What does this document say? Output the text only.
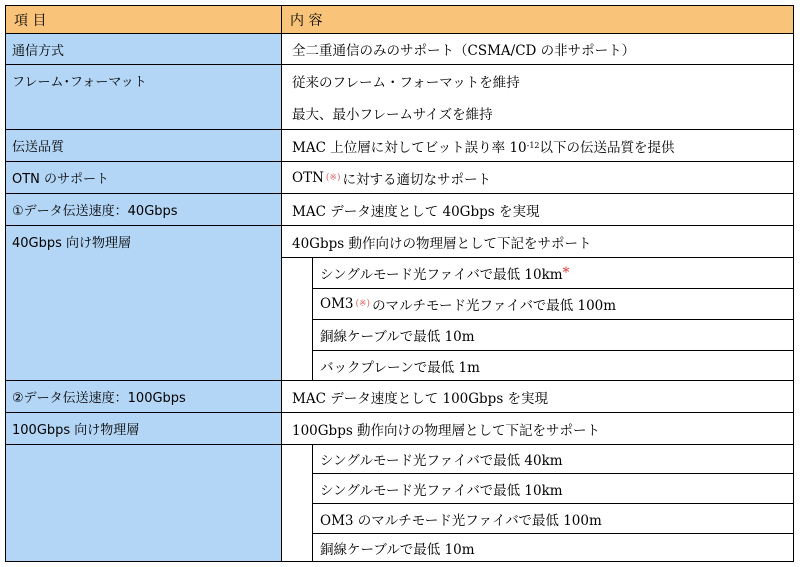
項 目	内 容
通信方式
フレーム･フォーマット
伝送品質
OTN のサポート
①データ伝送速度：40Gbps
40Gbps 向け物理層
②データ伝送速度：100Gbps
100Gbps 向け物理層
全二重通信のみのサポート（CSMA/CD の非サポート）
従来のフレーム・フォーマットを維持
最大、最小フレームサイズを維持
MAC 上位層に対してビット誤り率 10 -12 以下の伝送品質を提供
OTN (※) に対する適切なサポート
MAC データ速度として 40Gbps を実現
40Gbps 動作向けの物理層として下記をサポート
シングルモード光ファイバで最低 10km *
OM3 (※) のマルチモード光ファイバで最低 100m
銅線ケーブルで最低 10m
バックプレーンで最低 1m
MAC データ速度として 100Gbps を実現
100Gbps 動作向けの物理層として下記をサポート
シングルモード光ファイバで最低 40km
シングルモード光ファイバで最低 10km
OM3 のマルチモード光ファイバで最低 100m
銅線ケーブルで最低 10m
